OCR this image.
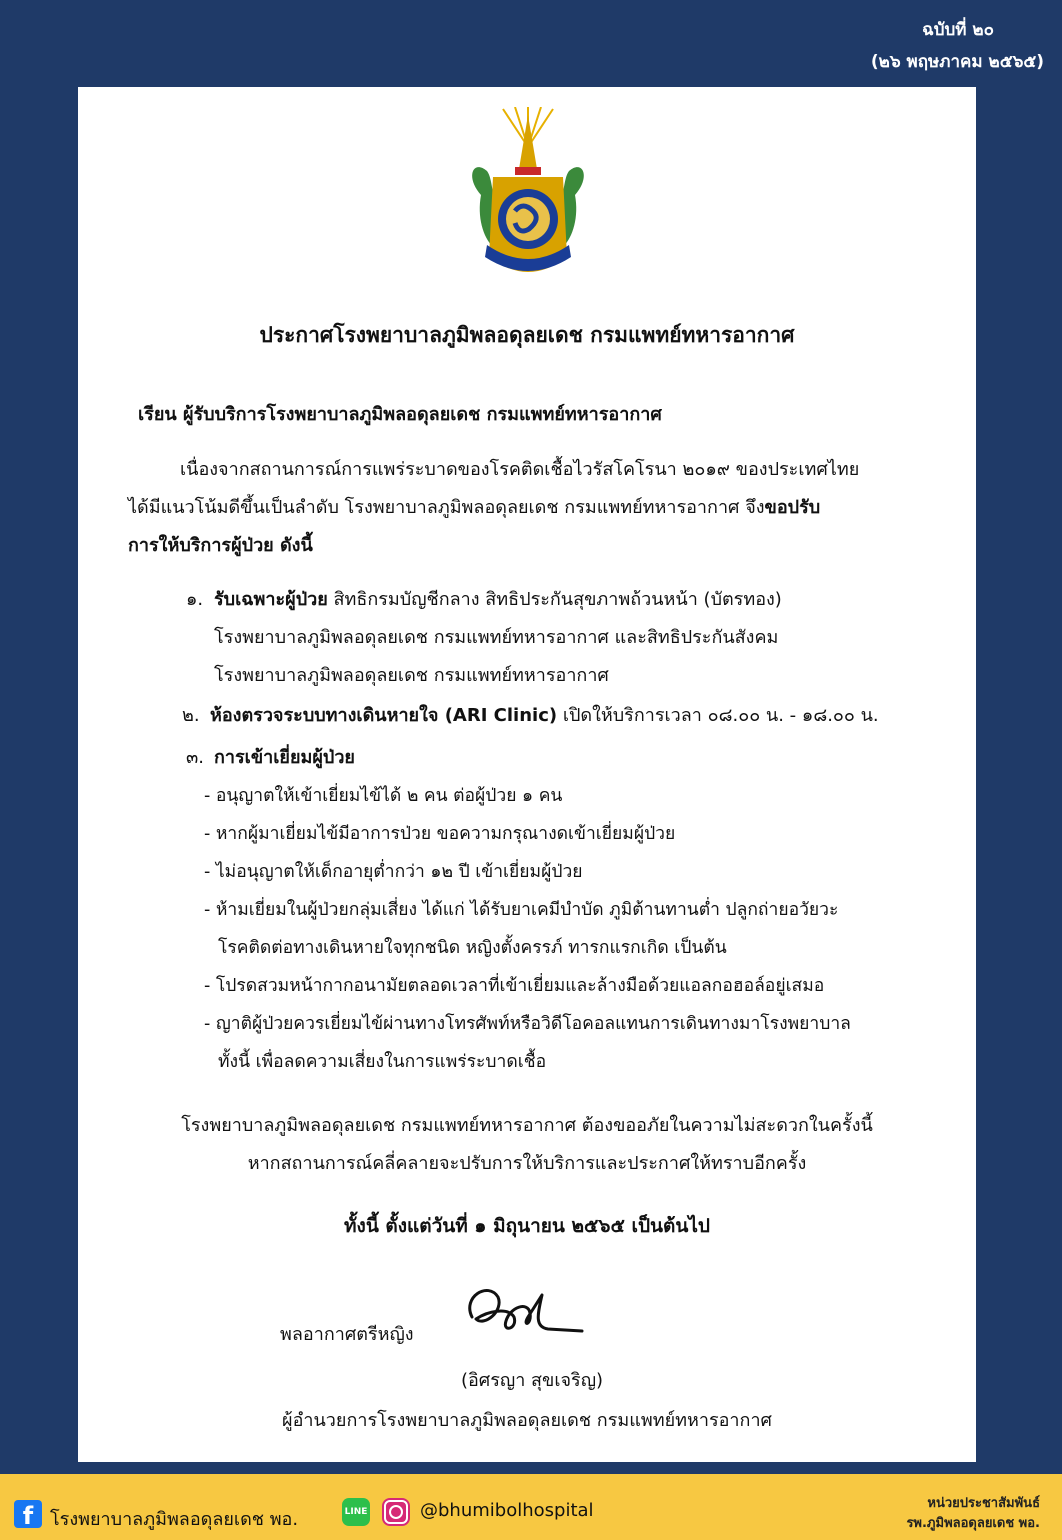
ฉบับที่ ๒๐
(๒๖ พฤษภาคม ๒๕๖๕)
ประกาศโรงพยาบาลภูมิพลอดุลยเดช กรมแพทย์ทหารอากาศ
เรียน ผู้รับบริการโรงพยาบาลภูมิพลอดุลยเดช กรมแพทย์ทหารอากาศ
เนื่องจากสถานการณ์การแพร่ระบาดของโรคติดเชื้อไวรัสโคโรนา ๒๐๑๙ ของประเทศไทย
ได้มีแนวโน้มดีขึ้นเป็นลำดับ โรงพยาบาลภูมิพลอดุลยเดช กรมแพทย์ทหารอากาศ จึงขอปรับ
การให้บริการผู้ป่วย ดังนี้
๑. รับเฉพาะผู้ป่วย สิทธิกรมบัญชีกลาง สิทธิประกันสุขภาพถ้วนหน้า (บัตรทอง)
โรงพยาบาลภูมิพลอดุลยเดช กรมแพทย์ทหารอากาศ และสิทธิประกันสังคม
โรงพยาบาลภูมิพลอดุลยเดช กรมแพทย์ทหารอากาศ
๒. ห้องตรวจระบบทางเดินหายใจ (ARI Clinic) เปิดให้บริการเวลา ๐๘.๐๐ น. - ๑๘.๐๐ น.
๓. การเข้าเยี่ยมผู้ป่วย
- อนุญาตให้เข้าเยี่ยมไข้ได้ ๒ คน ต่อผู้ป่วย ๑ คน
- หากผู้มาเยี่ยมไข้มีอาการป่วย ขอความกรุณางดเข้าเยี่ยมผู้ป่วย
- ไม่อนุญาตให้เด็กอายุต่ำกว่า ๑๒ ปี เข้าเยี่ยมผู้ป่วย
- ห้ามเยี่ยมในผู้ป่วยกลุ่มเสี่ยง ได้แก่ ได้รับยาเคมีบำบัด ภูมิต้านทานต่ำ ปลูกถ่ายอวัยวะ
โรคติดต่อทางเดินหายใจทุกชนิด หญิงตั้งครรภ์ ทารกแรกเกิด เป็นต้น
- โปรดสวมหน้ากากอนามัยตลอดเวลาที่เข้าเยี่ยมและล้างมือด้วยแอลกอฮอล์อยู่เสมอ
- ญาติผู้ป่วยควรเยี่ยมไข้ผ่านทางโทรศัพท์หรือวิดีโอคอลแทนการเดินทางมาโรงพยาบาล
ทั้งนี้ เพื่อลดความเสี่ยงในการแพร่ระบาดเชื้อ
โรงพยาบาลภูมิพลอดุลยเดช กรมแพทย์ทหารอากาศ ต้องขออภัยในความไม่สะดวกในครั้งนี้
หากสถานการณ์คลี่คลายจะปรับการให้บริการและประกาศให้ทราบอีกครั้ง
ทั้งนี้ ตั้งแต่วันที่ ๑ มิถุนายน ๒๕๖๕ เป็นต้นไป
พลอากาศตรีหญิง
(อิศรญา สุขเจริญ)
ผู้อำนวยการโรงพยาบาลภูมิพลอดุลยเดช กรมแพทย์ทหารอากาศ
f โรงพยาบาลภูมิพลอดุลยเดช พอ.	LINE	@bhumibolhospital	หน่วยประชาสัมพันธ์
รพ.ภูมิพลอดุลยเดช พอ.
